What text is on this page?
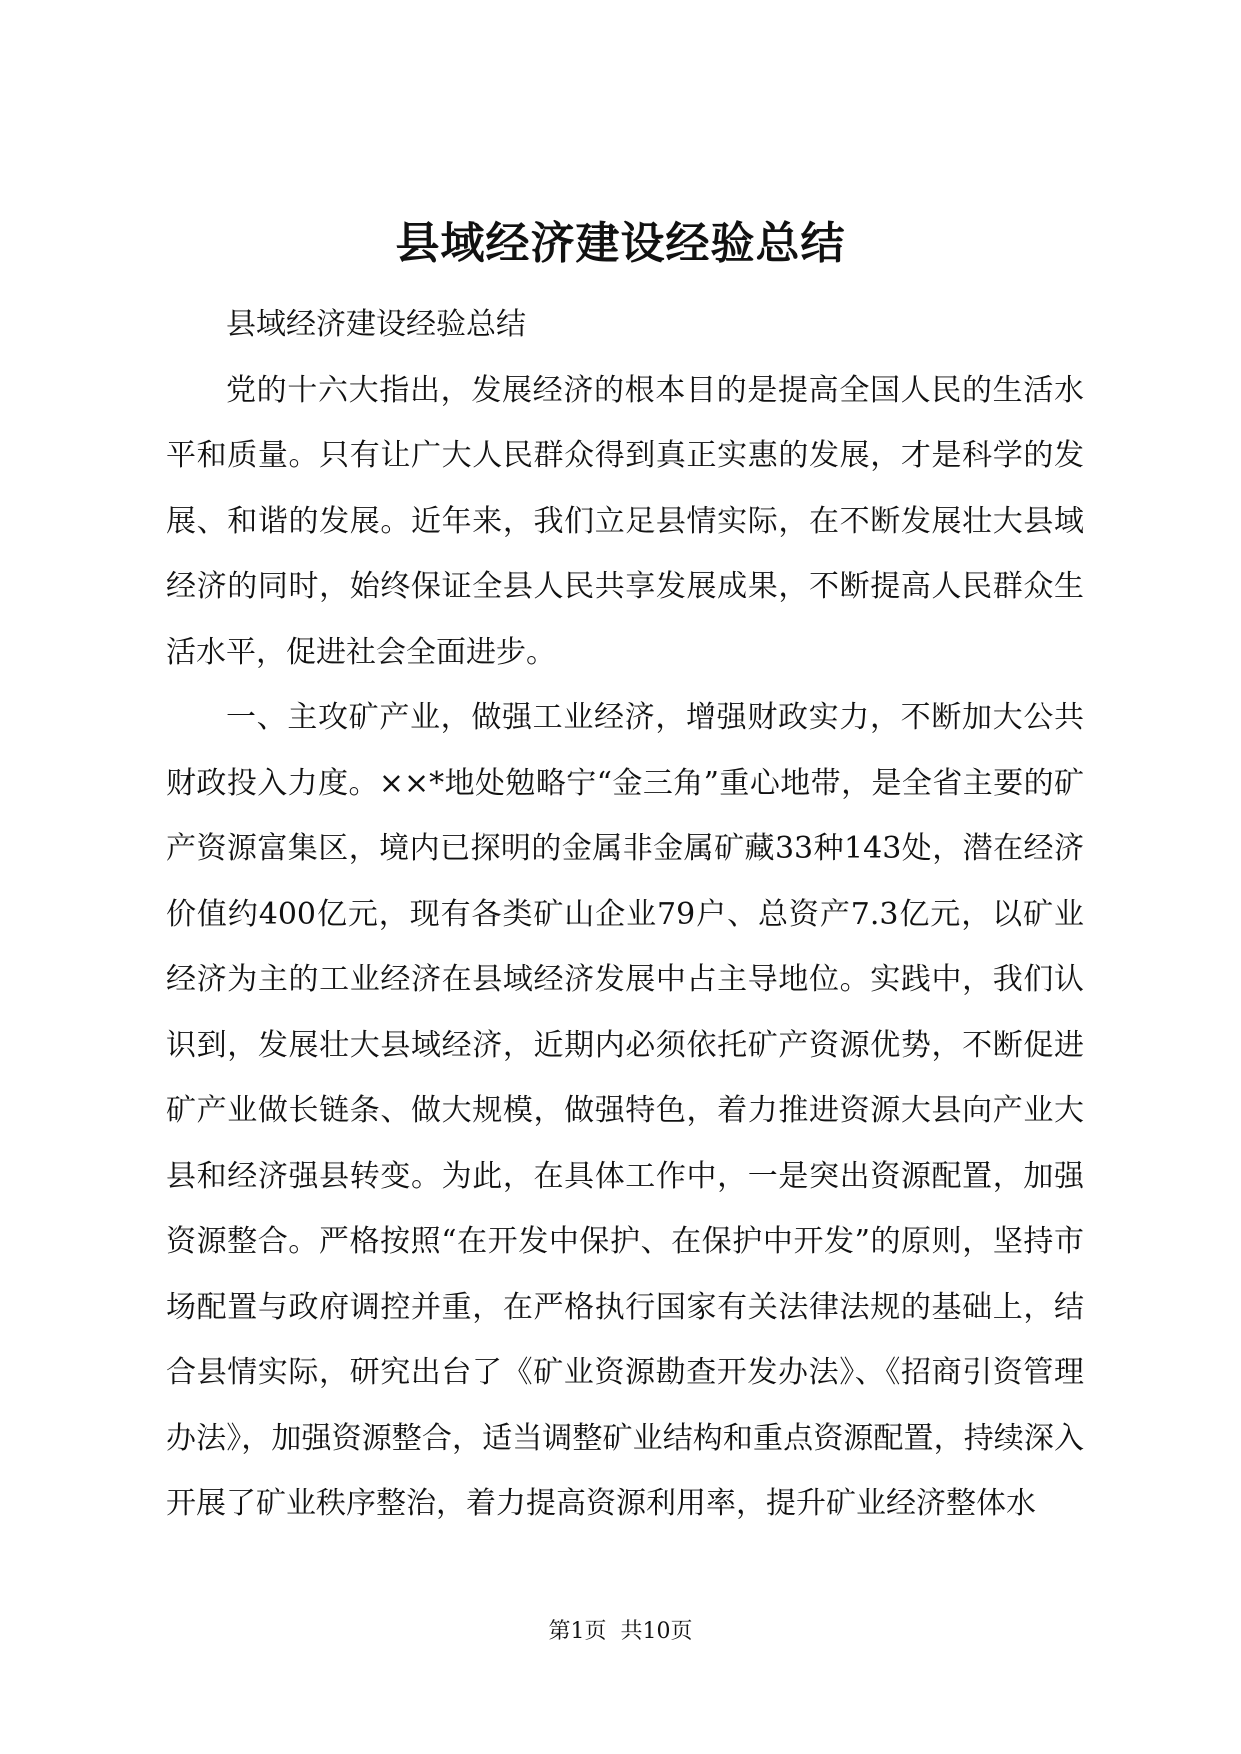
县域经济建设经验总结

县域经济建设经验总结

党的十六大指出，发展经济的根本目的是提高全国人民的生活水平和质量。只有让广大人民群众得到真正实惠的发展，才是科学的发展、和谐的发展。近年来，我们立足县情实际，在不断发展壮大县域经济的同时，始终保证全县人民共享发展成果，不断提高人民群众生活水平，促进社会全面进步。

一、主攻矿产业，做强工业经济，增强财政实力，不断加大公共财政投入力度。××*地处勉略宁“金三角”重心地带，是全省主要的矿产资源富集区，境内已探明的金属非金属矿藏33种143处，潜在经济价值约400亿元，现有各类矿山企业79户、总资产7.3亿元，以矿业经济为主的工业经济在县域经济发展中占主导地位。实践中，我们认识到，发展壮大县域经济，近期内必须依托矿产资源优势，不断促进矿产业做长链条、做大规模，做强特色，着力推进资源大县向产业大县和经济强县转变。为此，在具体工作中，一是突出资源配置，加强资源整合。严格按照“在开发中保护、在保护中开发”的原则，坚持市场配置与政府调控并重，在严格执行国家有关法律法规的基础上，结合县情实际，研究出台了《矿业资源勘查开发办法》、《招商引资管理办法》，加强资源整合，适当调整矿业结构和重点资源配置，持续深入开展了矿业秩序整治，着力提高资源利用率，提升矿业经济整体水

第1页  共10页
